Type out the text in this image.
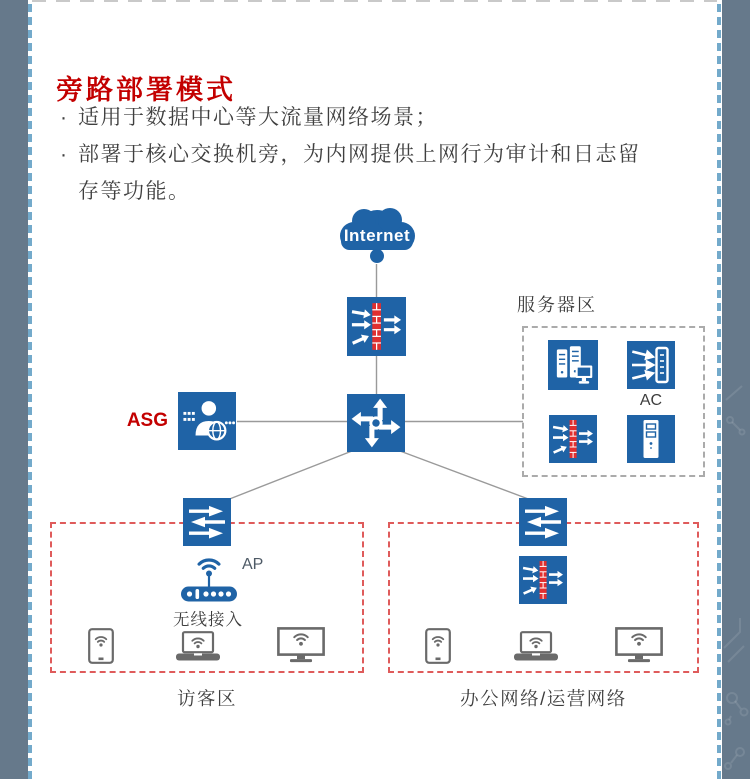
旁路部署模式
· 适用于数据中心等大流量网络场景；
· 部署于核心交换机旁，为内网提供上网行为审计和日志留
存等功能。
Internet
ASG
服务器区
AC
AP
无线接入
访客区	办公网络/运营网络
